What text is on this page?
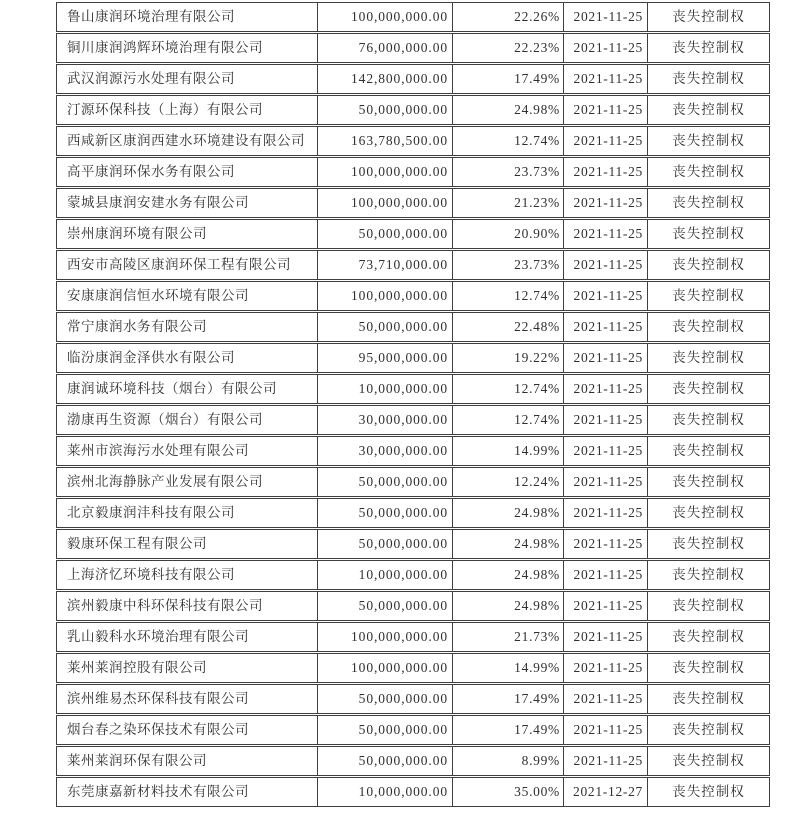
鲁山康润环境治理有限公司	100,000,000.00	22.26%	2021-11-25	丧失控制权
铜川康润鸿辉环境治理有限公司	76,000,000.00	22.23%	2021-11-25	丧失控制权
武汉润源污水处理有限公司	142,800,000.00	17.49%	2021-11-25	丧失控制权
汀源环保科技（上海）有限公司	50,000,000.00	24.98%	2021-11-25	丧失控制权
西咸新区康润西建水环境建设有限公司	163,780,500.00	12.74%	2021-11-25	丧失控制权
高平康润环保水务有限公司	100,000,000.00	23.73%	2021-11-25	丧失控制权
蒙城县康润安建水务有限公司	100,000,000.00	21.23%	2021-11-25	丧失控制权
崇州康润环境有限公司	50,000,000.00	20.90%	2021-11-25	丧失控制权
西安市高陵区康润环保工程有限公司	73,710,000.00	23.73%	2021-11-25	丧失控制权
安康康润信恒水环境有限公司	100,000,000.00	12.74%	2021-11-25	丧失控制权
常宁康润水务有限公司	50,000,000.00	22.48%	2021-11-25	丧失控制权
临汾康润金泽供水有限公司	95,000,000.00	19.22%	2021-11-25	丧失控制权
康润诚环境科技（烟台）有限公司	10,000,000.00	12.74%	2021-11-25	丧失控制权
渤康再生资源（烟台）有限公司	30,000,000.00	12.74%	2021-11-25	丧失控制权
莱州市滨海污水处理有限公司	30,000,000.00	14.99%	2021-11-25	丧失控制权
滨州北海静脉产业发展有限公司	50,000,000.00	12.24%	2021-11-25	丧失控制权
北京毅康润沣科技有限公司	50,000,000.00	24.98%	2021-11-25	丧失控制权
毅康环保工程有限公司	50,000,000.00	24.98%	2021-11-25	丧失控制权
上海济忆环境科技有限公司	10,000,000.00	24.98%	2021-11-25	丧失控制权
滨州毅康中科环保科技有限公司	50,000,000.00	24.98%	2021-11-25	丧失控制权
乳山毅科水环境治理有限公司	100,000,000.00	21.73%	2021-11-25	丧失控制权
莱州莱润控股有限公司	100,000,000.00	14.99%	2021-11-25	丧失控制权
滨州维易杰环保科技有限公司	50,000,000.00	17.49%	2021-11-25	丧失控制权
烟台春之染环保技术有限公司	50,000,000.00	17.49%	2021-11-25	丧失控制权
莱州莱润环保有限公司	50,000,000.00	8.99%	2021-11-25	丧失控制权
东莞康嘉新材料技术有限公司	10,000,000.00	35.00%	2021-12-27	丧失控制权
